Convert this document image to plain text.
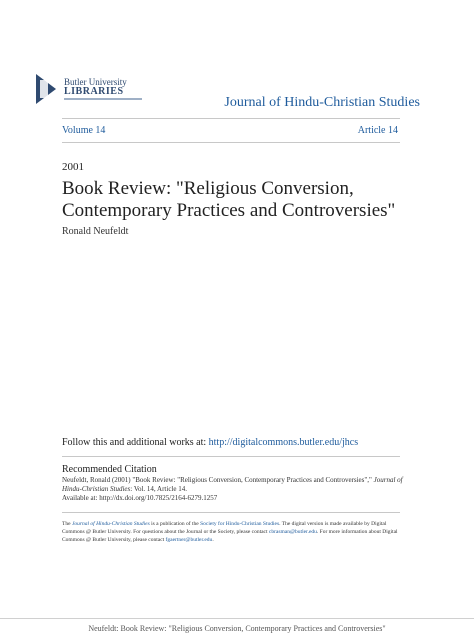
Butler University
LIBRARIES
Journal of Hindu-Christian Studies
Volume 14	Article 14
2001
Book Review: "Religious Conversion, Contemporary Practices and Controversies"
Ronald Neufeldt
Follow this and additional works at: http://digitalcommons.butler.edu/jhcs
Recommended Citation
Neufeldt, Ronald (2001) "Book Review: "Religious Conversion, Contemporary Practices and Controversies"," Journal of Hindu-Christian Studies: Vol. 14, Article 14.
Available at: http://dx.doi.org/10.7825/2164-6279.1257
The Journal of Hindu-Christian Studies is a publication of the Society for Hindu-Christian Studies. The digital version is made available by Digital Commons @ Butler University. For questions about the Journal or the Society, please contact cbrasman@butler.edu. For more information about Digital Commons @ Butler University, please contact fgaertner@butler.edu.
Neufeldt: Book Review: "Religious Conversion, Contemporary Practices and Controversies"
